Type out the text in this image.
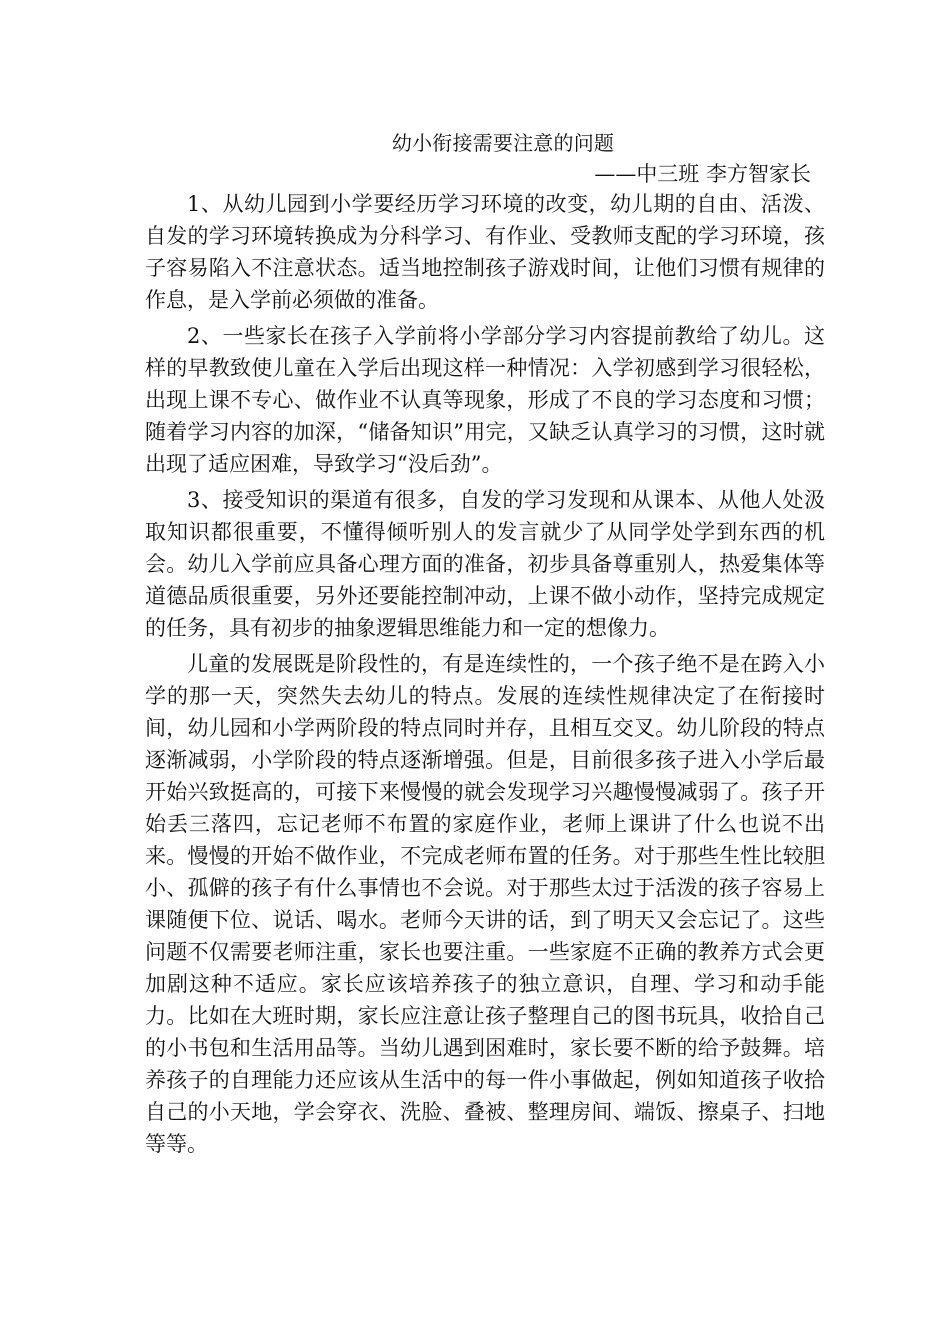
幼小衔接需要注意的问题

——中三班 李方智家长

1、从幼儿园到小学要经历学习环境的改变，幼儿期的自由、活泼、自发的学习环境转换成为分科学习、有作业、受教师支配的学习环境，孩子容易陷入不注意状态。适当地控制孩子游戏时间，让他们习惯有规律的作息，是入学前必须做的准备。

2、一些家长在孩子入学前将小学部分学习内容提前教给了幼儿。这样的早教致使儿童在入学后出现这样一种情况：入学初感到学习很轻松，出现上课不专心、做作业不认真等现象，形成了不良的学习态度和习惯；随着学习内容的加深，“储备知识”用完，又缺乏认真学习的习惯，这时就出现了适应困难，导致学习“没后劲”。

3、接受知识的渠道有很多，自发的学习发现和从课本、从他人处汲取知识都很重要，不懂得倾听别人的发言就少了从同学处学到东西的机会。幼儿入学前应具备心理方面的准备，初步具备尊重别人，热爱集体等道德品质很重要，另外还要能控制冲动，上课不做小动作，坚持完成规定的任务，具有初步的抽象逻辑思维能力和一定的想像力。

儿童的发展既是阶段性的，有是连续性的，一个孩子绝不是在跨入小学的那一天，突然失去幼儿的特点。发展的连续性规律决定了在衔接时间，幼儿园和小学两阶段的特点同时并存，且相互交叉。幼儿阶段的特点逐渐减弱，小学阶段的特点逐渐增强。但是，目前很多孩子进入小学后最开始兴致挺高的，可接下来慢慢的就会发现学习兴趣慢慢减弱了。孩子开始丢三落四，忘记老师不布置的家庭作业，老师上课讲了什么也说不出来。慢慢的开始不做作业，不完成老师布置的任务。对于那些生性比较胆小、孤僻的孩子有什么事情也不会说。对于那些太过于活泼的孩子容易上课随便下位、说话、喝水。老师今天讲的话，到了明天又会忘记了。这些问题不仅需要老师注重，家长也要注重。一些家庭不正确的教养方式会更加剧这种不适应。家长应该培养孩子的独立意识，自理、学习和动手能力。比如在大班时期，家长应注意让孩子整理自己的图书玩具，收拾自己的小书包和生活用品等。当幼儿遇到困难时，家长要不断的给予鼓舞。培养孩子的自理能力还应该从生活中的每一件小事做起，例如知道孩子收拾自己的小天地，学会穿衣、洗脸、叠被、整理房间、端饭、擦桌子、扫地等等。
